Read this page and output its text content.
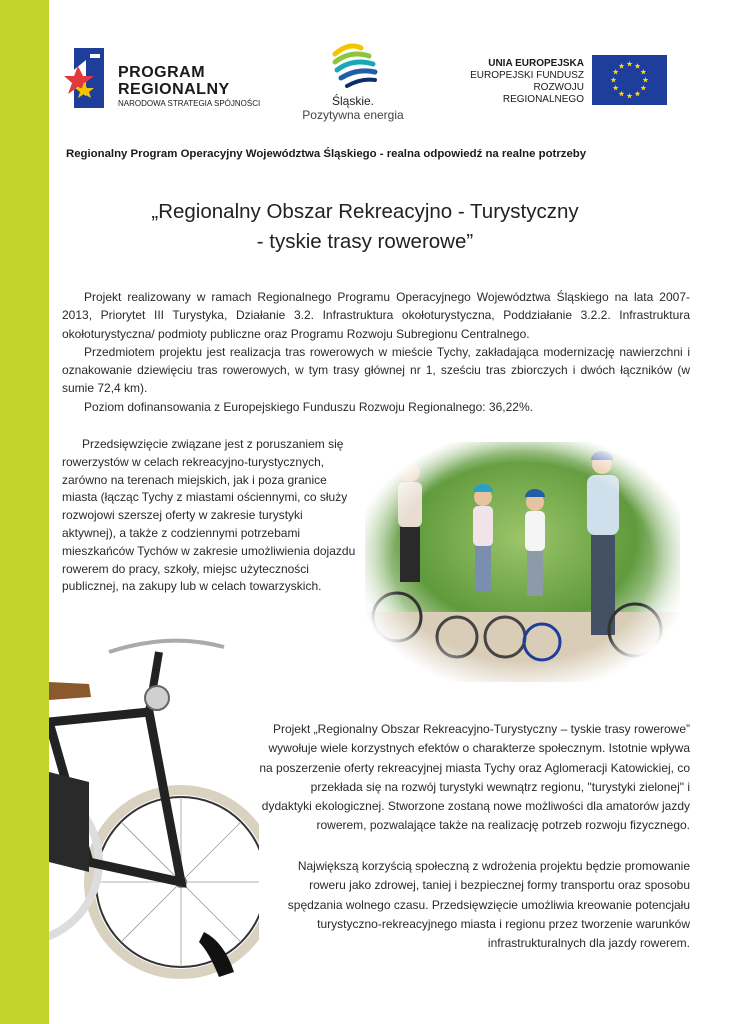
PROGRAM
REGIONALNY
NARODOWA STRATEGIA SPÓJNOŚCI	Śląskie.
Pozytywna energia
UNIA EUROPEJSKA
EUROPEJSKI FUNDUSZ
ROZWOJU REGIONALNEGO
Regionalny Program Operacyjny Województwa Śląskiego - realna odpowiedź na realne potrzeby
„Regionalny Obszar Rekreacyjno - Turystyczny
- tyskie trasy rowerowe”

Projekt realizowany w ramach Regionalnego Programu Operacyjnego Województwa Śląskiego na lata 2007-2013, Priorytet III Turystyka, Działanie 3.2. Infrastruktura okołoturystyczna, Poddziałanie 3.2.2. Infrastruktura okołoturystyczna/ podmioty publiczne oraz Programu Rozwoju Subregionu Centralnego.

Przedmiotem projektu jest realizacja tras rowerowych w mieście Tychy, zakładająca modernizację nawierzchni i oznakowanie dziewięciu tras rowerowych, w tym trasy głównej nr 1, sześciu tras zbiorczych i dwóch łączników (w sumie 72,4 km).

Poziom dofinansowania z Europejskiego Funduszu Rozwoju Regionalnego: 36,22%.

Przedsięwzięcie związane jest z poruszaniem się rowerzystów w celach rekreacyjno-turystycznych, zarówno na terenach miejskich, jak i poza granice miasta (łącząc Tychy z miastami ościennymi, co służy rozwojowi szerszej oferty w zakresie turystyki aktywnej), a także z codziennymi potrzebami mieszkańców Tychów w zakresie umożliwienia dojazdu rowerem do pracy, szkoły, miejsc użyteczności publicznej, na zakupy lub w celach towarzyskich.

Projekt „Regionalny Obszar Rekreacyjno-Turystyczny – tyskie trasy rowerowe” wywołuje wiele korzystnych efektów o charakterze społecznym. Istotnie wpływa na poszerzenie oferty rekreacyjnej miasta Tychy oraz Aglomeracji Katowickiej, co przekłada się na rozwój turystyki wewnątrz regionu, "turystyki zielonej" i dydaktyki ekologicznej. Stworzone zostaną nowe możliwości dla amatorów jazdy rowerem, pozwalające także na realizację potrzeb rozwoju fizycznego.

Największą korzyścią społeczną z wdrożenia projektu będzie promowanie roweru jako zdrowej, taniej i bezpiecznej formy transportu oraz sposobu spędzania wolnego czasu. Przedsięwzięcie umożliwia kreowanie potencjału turystyczno-rekreacyjnego miasta i regionu przez tworzenie warunków infrastrukturalnych dla jazdy rowerem.
